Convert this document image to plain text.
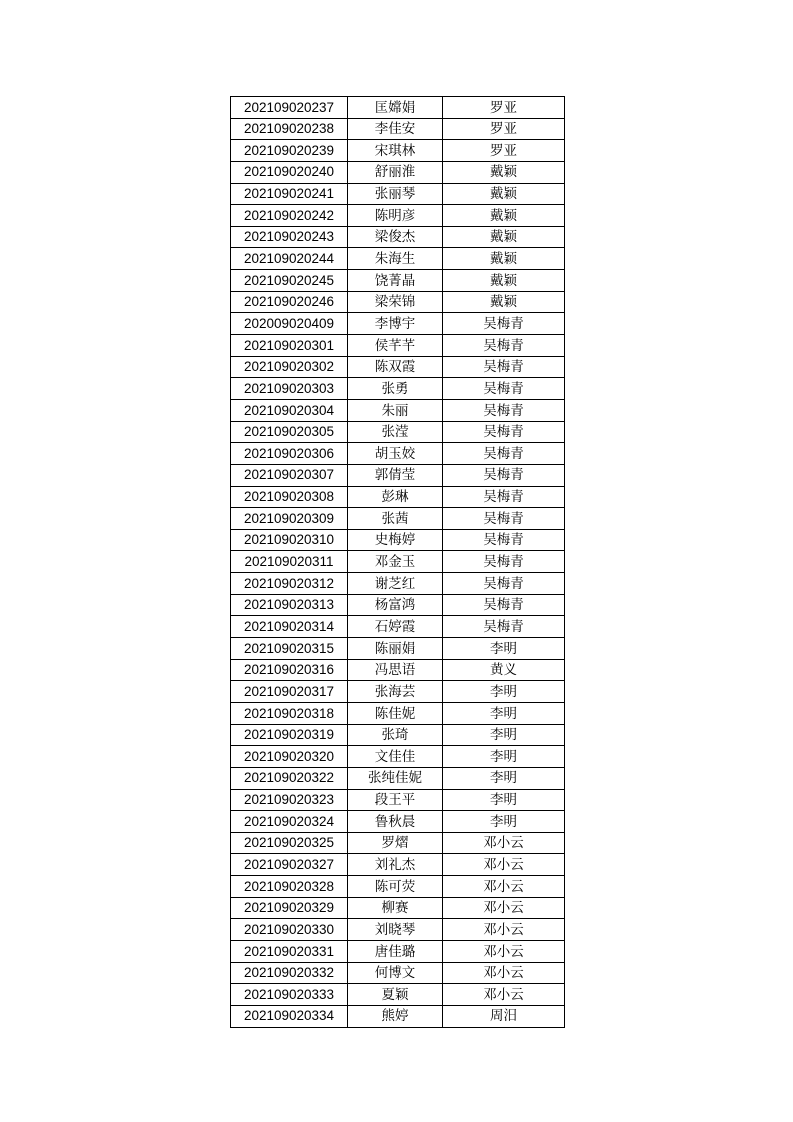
202109020237	匡嫦娟	罗亚
202109020238	李佳安	罗亚
202109020239	宋琪林	罗亚
202109020240	舒丽淮	戴颖
202109020241	张丽琴	戴颖
202109020242	陈明彦	戴颖
202109020243	梁俊杰	戴颖
202109020244	朱海生	戴颖
202109020245	饶菁晶	戴颖
202109020246	梁荣锦	戴颖
202009020409	李博宇	吴梅青
202109020301	侯芊芊	吴梅青
202109020302	陈双霞	吴梅青
202109020303	张勇	吴梅青
202109020304	朱丽	吴梅青
202109020305	张滢	吴梅青
202109020306	胡玉姣	吴梅青
202109020307	郭倩莹	吴梅青
202109020308	彭琳	吴梅青
202109020309	张茜	吴梅青
202109020310	史梅婷	吴梅青
202109020311	邓金玉	吴梅青
202109020312	谢芝红	吴梅青
202109020313	杨富鸿	吴梅青
202109020314	石婷霞	吴梅青
202109020315	陈丽娟	李明
202109020316	冯思语	黄义
202109020317	张海芸	李明
202109020318	陈佳妮	李明
202109020319	张琦	李明
202109020320	文佳佳	李明
202109020322	张纯佳妮	李明
202109020323	段王平	李明
202109020324	鲁秋晨	李明
202109020325	罗熠	邓小云
202109020327	刘礼杰	邓小云
202109020328	陈可荧	邓小云
202109020329	柳赛	邓小云
202109020330	刘晓琴	邓小云
202109020331	唐佳璐	邓小云
202109020332	何博文	邓小云
202109020333	夏颖	邓小云
202109020334	熊婷	周汨
